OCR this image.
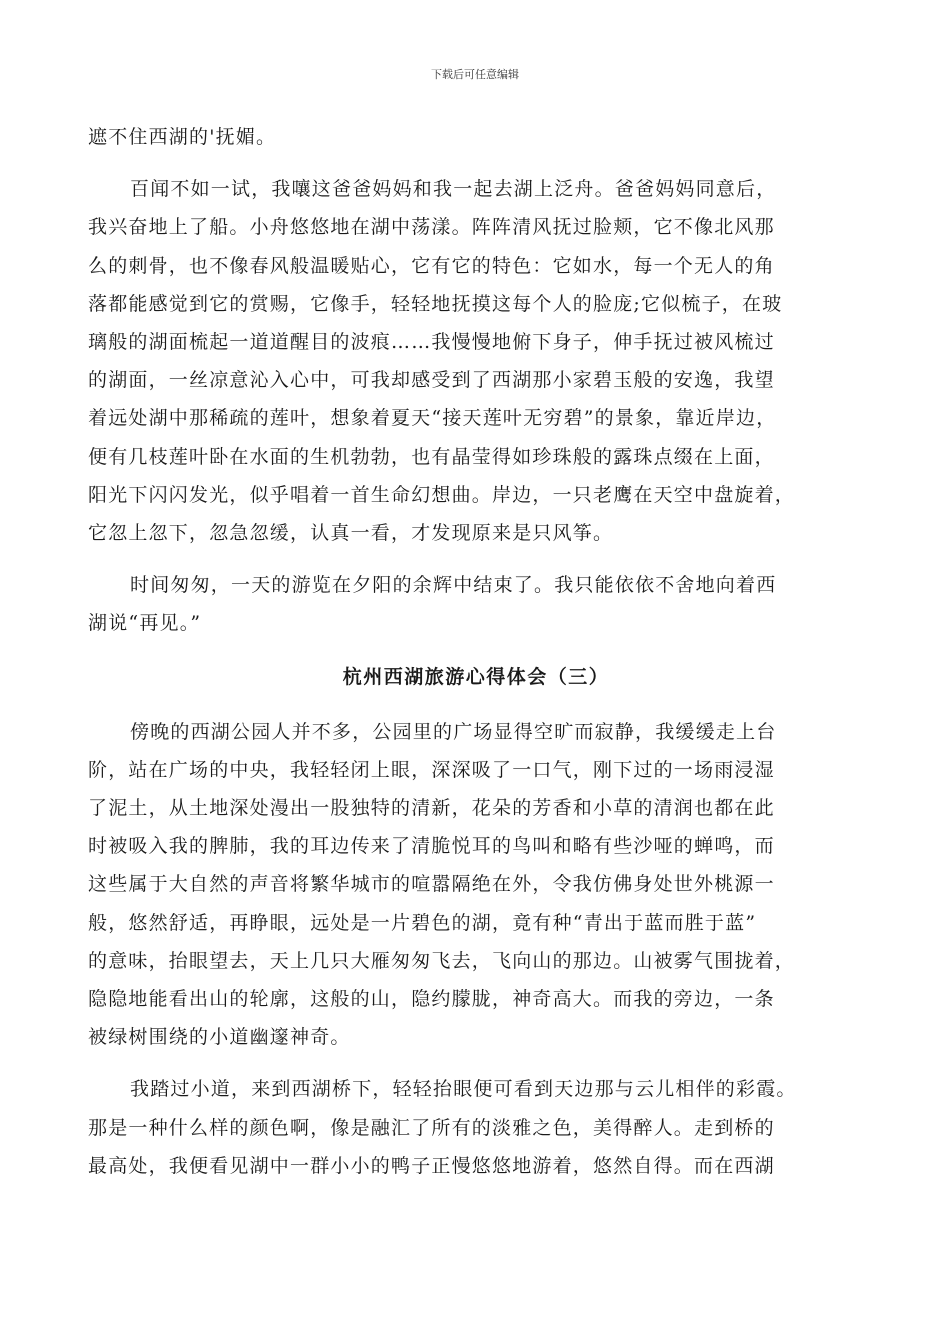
下载后可任意编辑
遮不住西湖的'抚媚。
百闻不如一试，我嚷这爸爸妈妈和我一起去湖上泛舟。爸爸妈妈同意后，
我兴奋地上了船。小舟悠悠地在湖中荡漾。阵阵清风抚过脸颊，它不像北风那
么的刺骨，也不像春风般温暖贴心，它有它的特色：它如水，每一个无人的角
落都能感觉到它的赏赐，它像手，轻轻地抚摸这每个人的脸庞;它似梳子，在玻
璃般的湖面梳起一道道醒目的波痕……我慢慢地俯下身子，伸手抚过被风梳过
的湖面，一丝凉意沁入心中，可我却感受到了西湖那小家碧玉般的安逸，我望
着远处湖中那稀疏的莲叶，想象着夏天“接天莲叶无穷碧”的景象，靠近岸边，
便有几枝莲叶卧在水面的生机勃勃，也有晶莹得如珍珠般的露珠点缀在上面，
阳光下闪闪发光，似乎唱着一首生命幻想曲。岸边，一只老鹰在天空中盘旋着，
它忽上忽下，忽急忽缓，认真一看，才发现原来是只风筝。
时间匆匆，一天的游览在夕阳的余辉中结束了。我只能依依不舍地向着西
湖说“再见。”
杭州西湖旅游心得体会（三）
傍晚的西湖公园人并不多，公园里的广场显得空旷而寂静，我缓缓走上台
阶，站在广场的中央，我轻轻闭上眼，深深吸了一口气，刚下过的一场雨浸湿
了泥土，从土地深处漫出一股独特的清新，花朵的芳香和小草的清润也都在此
时被吸入我的脾肺，我的耳边传来了清脆悦耳的鸟叫和略有些沙哑的蝉鸣，而
这些属于大自然的声音将繁华城市的喧嚣隔绝在外，令我仿佛身处世外桃源一
般，悠然舒适，再睁眼，远处是一片碧色的湖，竟有种“青出于蓝而胜于蓝”
的意味，抬眼望去，天上几只大雁匆匆飞去，飞向山的那边。山被雾气围拢着，
隐隐地能看出山的轮廓，这般的山，隐约朦胧，神奇高大。而我的旁边，一条
被绿树围绕的小道幽邃神奇。
我踏过小道，来到西湖桥下，轻轻抬眼便可看到天边那与云儿相伴的彩霞。
那是一种什么样的颜色啊，像是融汇了所有的淡雅之色，美得醉人。走到桥的
最高处，我便看见湖中一群小小的鸭子正慢悠悠地游着，悠然自得。而在西湖
